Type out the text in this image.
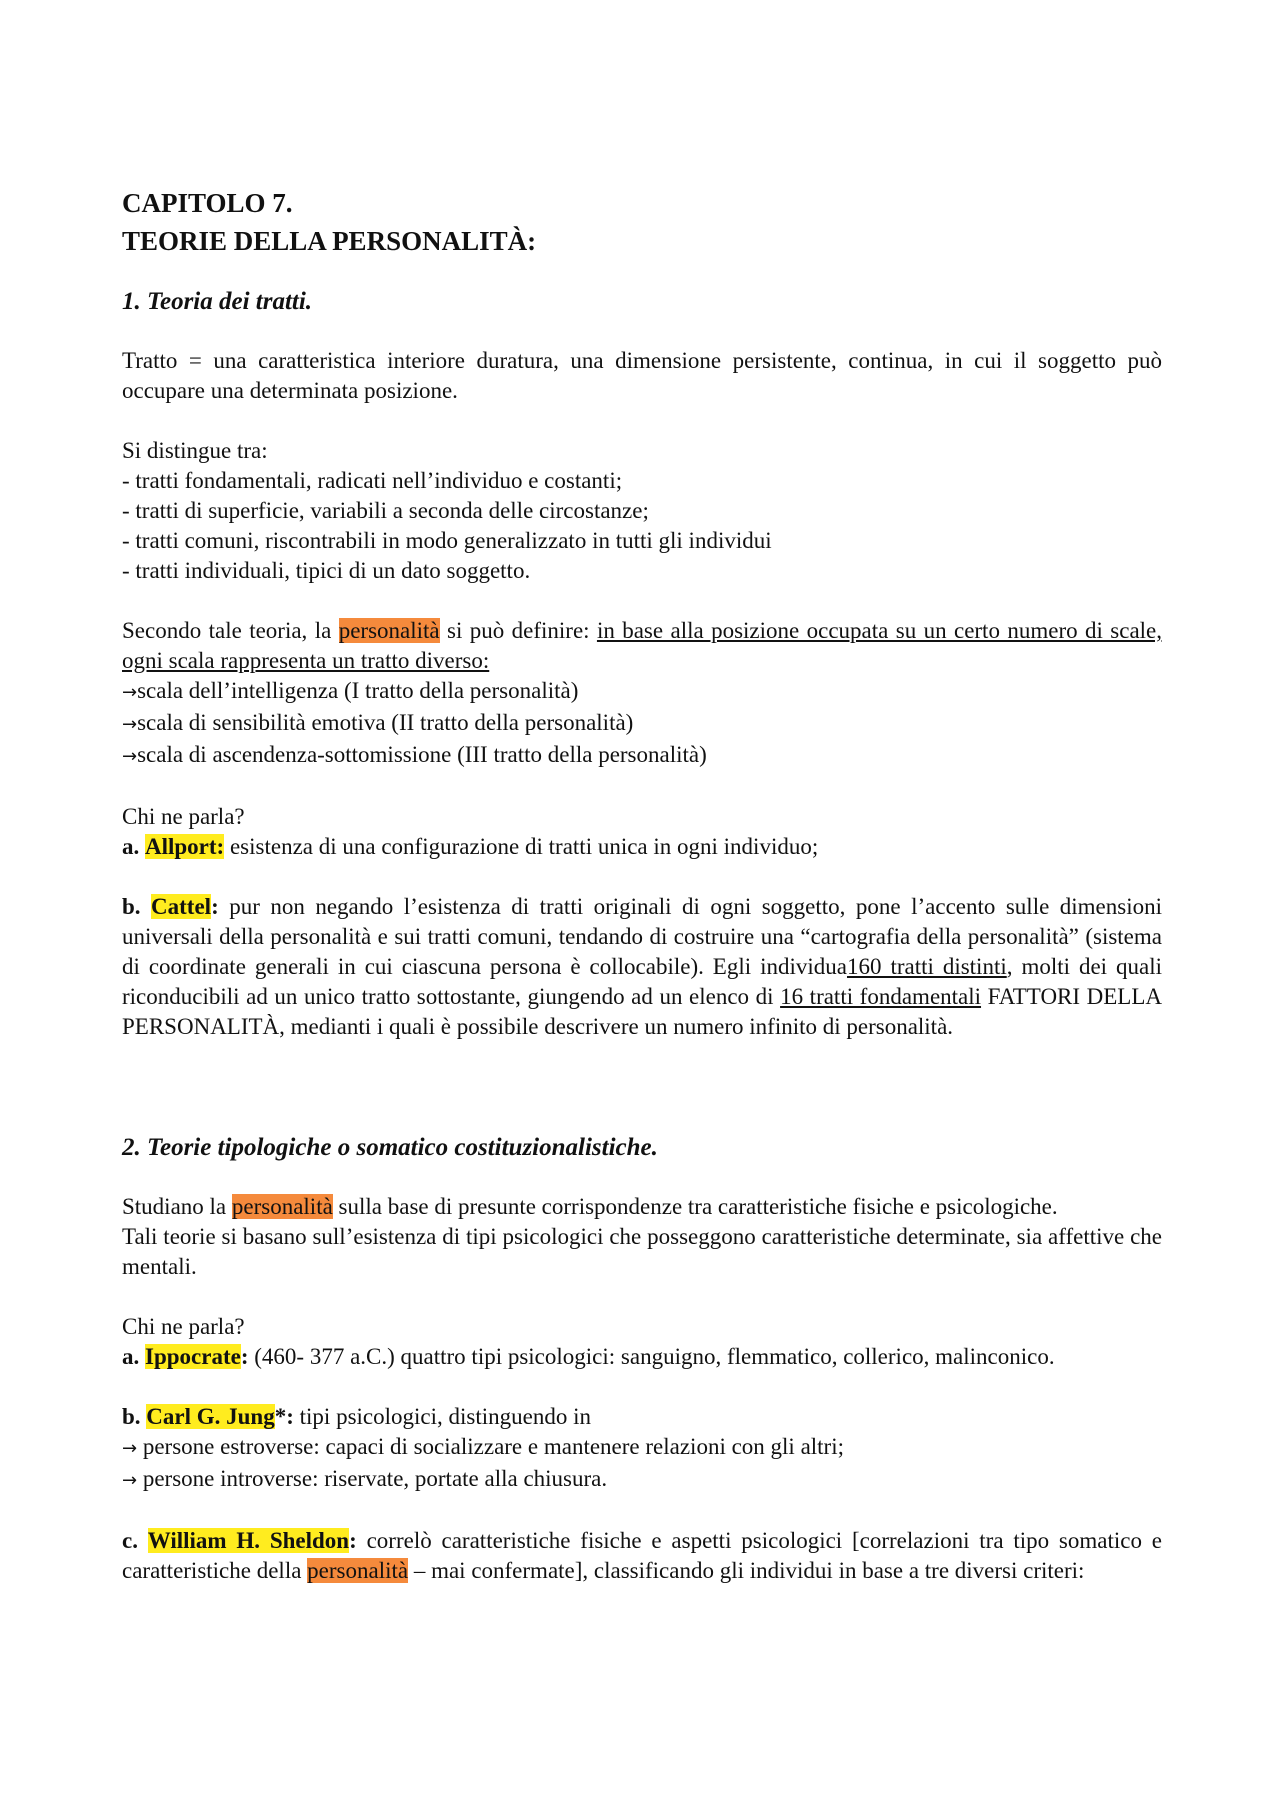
CAPITOLO 7.

TEORIE DELLA PERSONALITÀ:

1. Teoria dei tratti.

Tratto = una caratteristica interiore duratura, una dimensione persistente, continua, in cui il soggetto può occupare una determinata posizione.

Si distingue tra:

- tratti fondamentali, radicati nell’individuo e costanti;

- tratti di superficie, variabili a seconda delle circostanze;

- tratti comuni, riscontrabili in modo generalizzato in tutti gli individui

- tratti individuali, tipici di un dato soggetto.

Secondo tale teoria, la personalità si può definire: in base alla posizione occupata su un certo numero di scale, ogni scala rappresenta un tratto diverso:

→scala dell’intelligenza (I tratto della personalità)

→scala di sensibilità emotiva (II tratto della personalità)

→scala di ascendenza-sottomissione (III tratto della personalità)

Chi ne parla?

a. Allport: esistenza di una configurazione di tratti unica in ogni individuo;

b. Cattel: pur non negando l’esistenza di tratti originali di ogni soggetto, pone l’accento sulle dimensioni universali della personalità e sui tratti comuni, tendando di costruire una “cartografia della personalità” (sistema di coordinate generali in cui ciascuna persona è collocabile). Egli individua160 tratti distinti, molti dei quali riconducibili ad un unico tratto sottostante, giungendo ad un elenco di 16 tratti fondamentali FATTORI DELLA PERSONALITÀ, medianti i quali è possibile descrivere un numero infinito di personalità.

2. Teorie tipologiche o somatico costituzionalistiche.

Studiano la personalità sulla base di presunte corrispondenze tra caratteristiche fisiche e psicologiche.

Tali teorie si basano sull’esistenza di tipi psicologici che posseggono caratteristiche determinate, sia affettive che mentali.

Chi ne parla?

a. Ippocrate: (460- 377 a.C.) quattro tipi psicologici: sanguigno, flemmatico, collerico, malinconico.

b. Carl G. Jung*: tipi psicologici, distinguendo in

→ persone estroverse: capaci di socializzare e mantenere relazioni con gli altri;

→ persone introverse: riservate, portate alla chiusura.

c. William H. Sheldon: correlò caratteristiche fisiche e aspetti psicologici [correlazioni tra tipo somatico e caratteristiche della personalità – mai confermate], classificando gli individui in base a tre diversi criteri:
